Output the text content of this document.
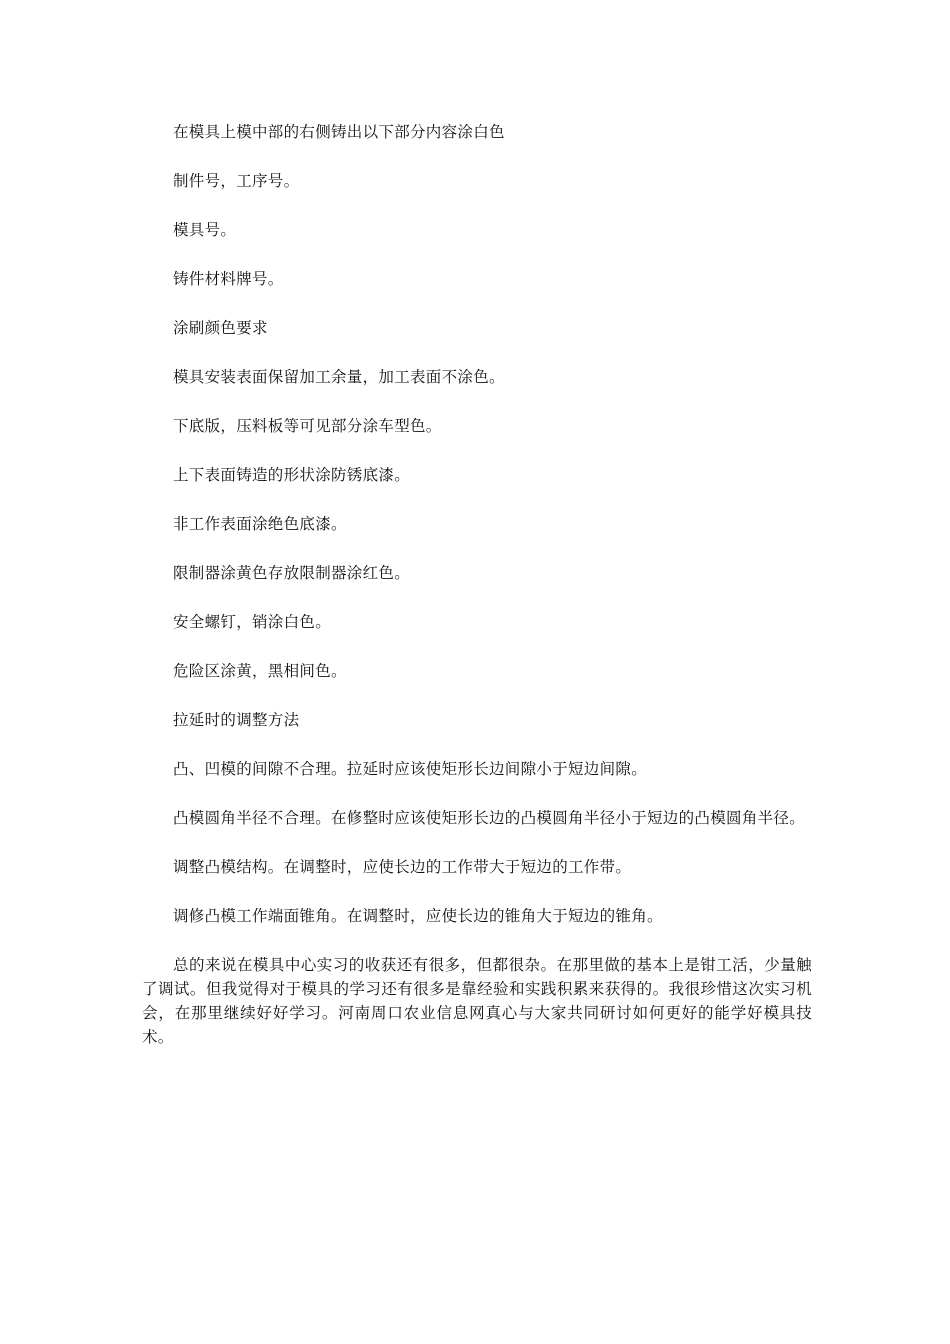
在模具上模中部的右侧铸出以下部分内容涂白色

制件号，工序号。

模具号。

铸件材料牌号。

涂刷颜色要求

模具安装表面保留加工余量，加工表面不涂色。

下底版，压料板等可见部分涂车型色。

上下表面铸造的形状涂防锈底漆。

非工作表面涂绝色底漆。

限制器涂黄色存放限制器涂红色。

安全螺钉，销涂白色。

危险区涂黄，黑相间色。

拉延时的调整方法

凸、凹模的间隙不合理。拉延时应该使矩形长边间隙小于短边间隙。

凸模圆角半径不合理。在修整时应该使矩形长边的凸模圆角半径小于短边的凸模圆角半径。

调整凸模结构。在调整时，应使长边的工作带大于短边的工作带。

调修凸模工作端面锥角。在调整时，应使长边的锥角大于短边的锥角。

总的来说在模具中心实习的收获还有很多，但都很杂。在那里做的基本上是钳工活，少量触了调试。但我觉得对于模具的学习还有很多是靠经验和实践积累来获得的。我很珍惜这次实习机会，在那里继续好好学习。河南周口农业信息网真心与大家共同研讨如何更好的能学好模具技术。
